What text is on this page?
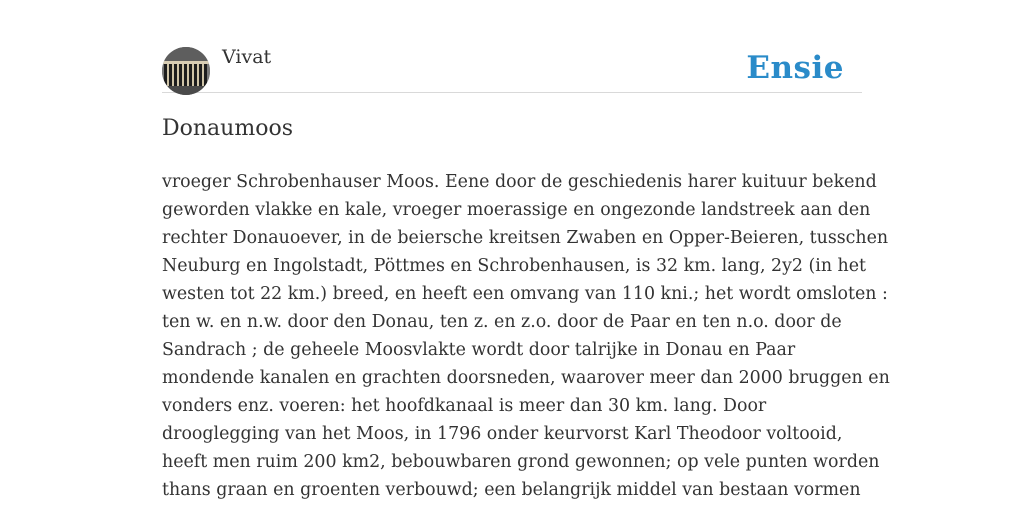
Vivat	Ensie
Donaumoos

vroeger Schrobenhauser Moos. Eene door de geschiedenis harer kuituur bekend
geworden vlakke en kale, vroeger moerassige en ongezonde landstreek aan den
rechter Donauoever, in de beiersche kreitsen Zwaben en Opper-Beieren, tusschen
Neuburg en Ingolstadt, Pöttmes en Schrobenhausen, is 32 km. lang, 2y2 (in het
westen tot 22 km.) breed, en heeft een omvang van 110 kni.; het wordt omsloten :
ten w. en n.w. door den Donau, ten z. en z.o. door de Paar en ten n.o. door de
Sandrach ; de geheele Moosvlakte wordt door talrijke in Donau en Paar
mondende kanalen en grachten doorsneden, waarover meer dan 2000 bruggen en
vonders enz. voeren: het hoofdkanaal is meer dan 30 km. lang. Door
drooglegging van het Moos, in 1796 onder keurvorst Karl Theodoor voltooid,
heeft men ruim 200 km2, bebouwbaren grond gewonnen; op vele punten worden
thans graan en groenten verbouwd; een belangrijk middel van bestaan vormen
